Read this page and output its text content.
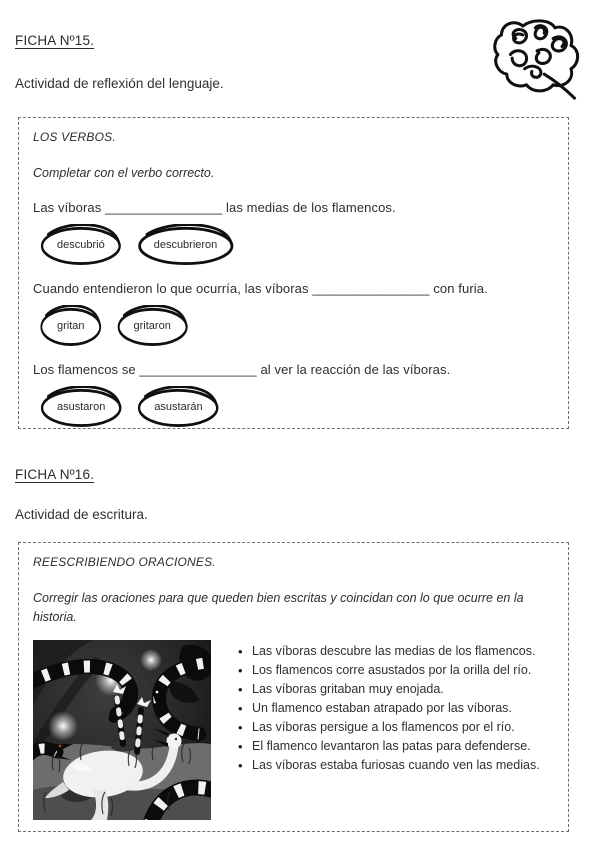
FICHA Nº15.
Actividad de reflexión del lenguaje.
LOS VERBOS.
Completar con el verbo correcto.
Las víboras ________________ las medias de los flamencos.
descubrió	descubrieron
Cuando entendieron lo que ocurría, las víboras ________________ con furia.
gritan	gritaron
Los flamencos se ________________ al ver la reacción de las víboras.
asustaron	asustarán
FICHA Nº16.
Actividad de escritura.
REESCRIBIENDO ORACIONES.
Corregir las oraciones para que queden bien escritas y coincidan con lo que ocurre en la historia.
• Las víboras descubre las medias de los flamencos.
• Los flamencos corre asustados por la orilla del río.
• Las víboras gritaban muy enojada.
• Un flamenco estaban atrapado por las víboras.
• Las víboras persigue a los flamencos por el río.
• El flamenco levantaron las patas para defenderse.
• Las víboras estaba furiosas cuando ven las medias.
